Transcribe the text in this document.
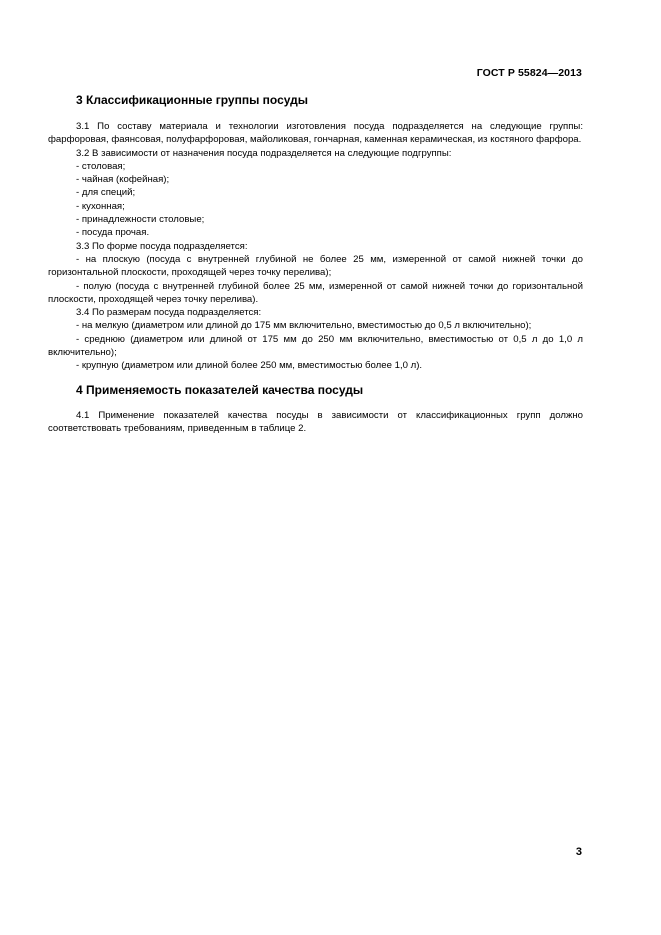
ГОСТ Р 55824—2013
3 Классификационные группы посуды

3.1 По составу материала и технологии изготовления посуда подразделяется на следующие группы: фарфоровая, фаянсовая, полуфарфоровая, майоликовая, гончарная, каменная керамическая, из костяного фарфора.

3.2 В зависимости от назначения посуда подразделяется на следующие подгруппы:

- столовая;

- чайная (кофейная);

- для специй;

- кухонная;

- принадлежности столовые;

- посуда прочая.

3.3 По форме посуда подразделяется:

- на плоскую (посуда с внутренней глубиной не более 25 мм, измеренной от самой нижней точки до горизонтальной плоскости, проходящей через точку перелива);

- полую (посуда с внутренней глубиной более 25 мм, измеренной от самой нижней точки до горизонтальной плоскости, проходящей через точку перелива).

3.4 По размерам посуда подразделяется:

- на мелкую (диаметром или длиной до 175 мм включительно, вместимостью до 0,5 л включительно);

- среднюю (диаметром или длиной от 175 мм до 250 мм включительно, вместимостью от 0,5 л до 1,0 л включительно);

- крупную (диаметром или длиной более 250 мм, вместимостью более 1,0 л).

4 Применяемость показателей качества посуды

4.1 Применение показателей качества посуды в зависимости от классификационных групп должно соответствовать требованиям, приведенным в таблице 2.

3
